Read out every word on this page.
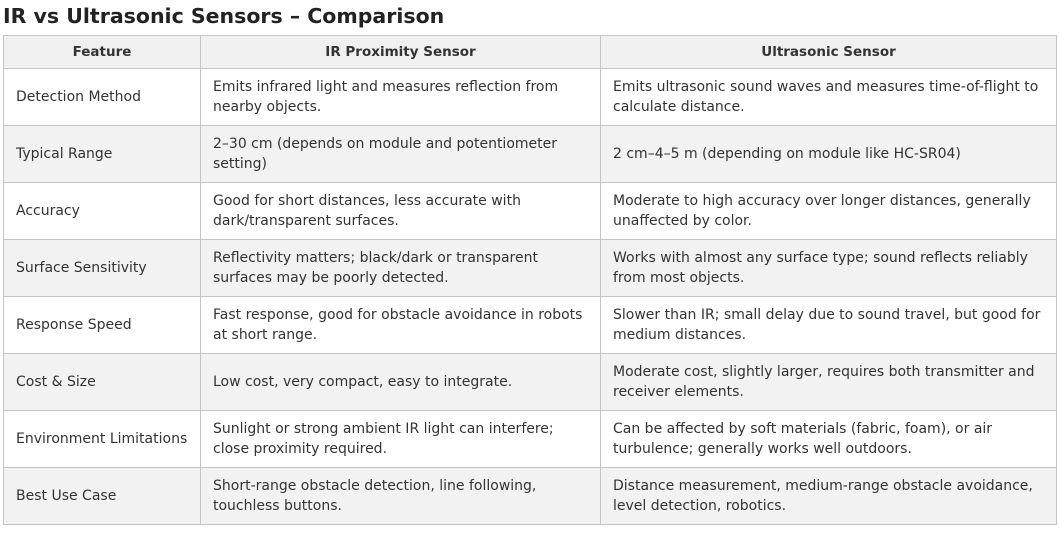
IR vs Ultrasonic Sensors – Comparison
Feature	IR Proximity Sensor	Ultrasonic Sensor
Detection Method	Emits infrared light and measures reflection from nearby objects.	Emits ultrasonic sound waves and measures time-of-flight to calculate distance.
Typical Range	2–30 cm (depends on module and potentiometer setting)	2 cm–4–5 m (depending on module like HC-SR04)
Accuracy	Good for short distances, less accurate with dark/transparent surfaces.	Moderate to high accuracy over longer distances, generally unaffected by color.
Surface Sensitivity	Reflectivity matters; black/dark or transparent surfaces may be poorly detected.	Works with almost any surface type; sound reflects reliably from most objects.
Response Speed	Fast response, good for obstacle avoidance in robots at short range.	Slower than IR; small delay due to sound travel, but good for medium distances.
Cost & Size	Low cost, very compact, easy to integrate.	Moderate cost, slightly larger, requires both transmitter and receiver elements.
Environment Limitations	Sunlight or strong ambient IR light can interfere; close proximity required.	Can be affected by soft materials (fabric, foam), or air turbulence; generally works well outdoors.
Best Use Case	Short-range obstacle detection, line following, touchless buttons.	Distance measurement, medium-range obstacle avoidance, level detection, robotics.
